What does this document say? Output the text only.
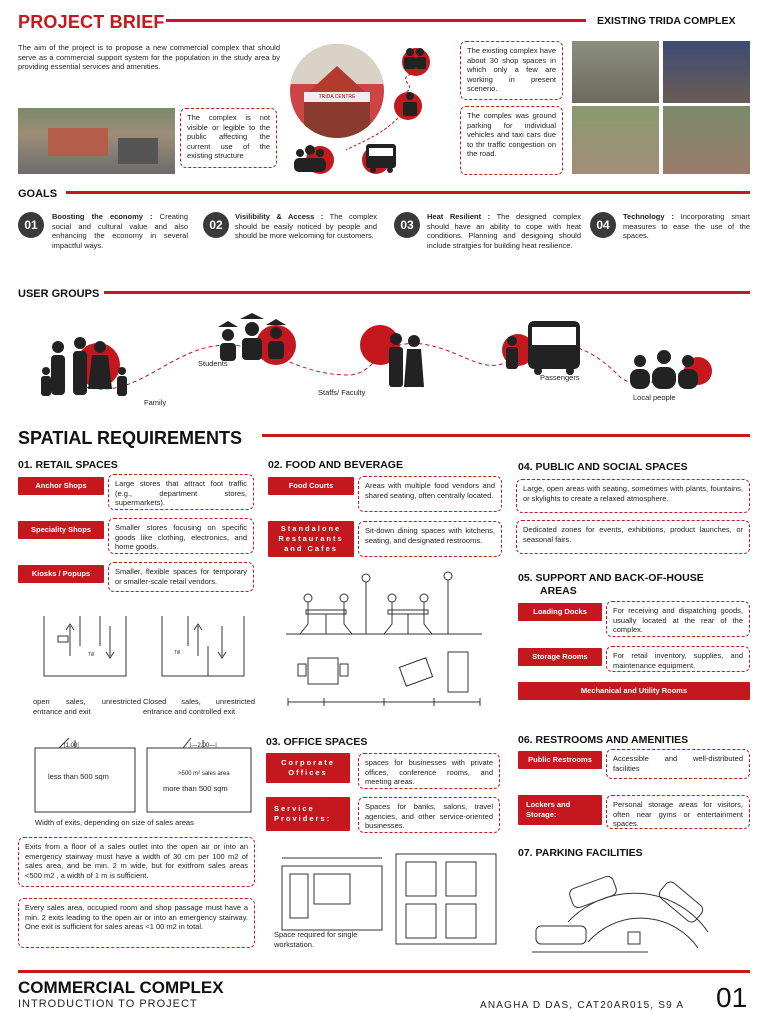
PROJECT BRIEF	EXISTING TRIDA COMPLEX
The aim of the project is to propose a new commercial complex that should serve as a commercial support system for the population in the study area by providing essential services and amenities.
The complex is not visible or legible to the public affecting the current use of the existing structure
TRIDA CENTRE
The existing complex have about 30 shop spaces in which only a few are working in present scenerio.
The comples was ground parking for individual vehicles and taxi cars due to thr traffic congestion on the road.
GOALS
01
Boosting the economy : Creating social and cultural value and also enhancing the economy in several impactful ways.
02
Visilibility & Access : The complex should be easily noticed by people and should be more welcoming for customers.
03
Heat Resilient : The designed complex should have an ability to cope with heat conditions. Planning and designing should include stratgies for building heat resilience.
04
Technology : Incorporating smart measures to ease the use of the spaces.
USER GROUPS
Family
Students
Staffs/ Faculty
Passengers
Local people
SPATIAL REQUIREMENTS
01. RETAIL SPACES
Anchor Shops	Large stores that attract foot traffic (e.g., department stores, supermarkets).
Speciality Shops	Smaller stores focusing on specific goods like clothing, electronics, and home goods.
Kiosks / Popups	Smaller, flexible spaces for temporary or smaller-scale retail vendors.
Till	Till
open sales, unrestricted entrance and exit
Closed sales, unrestricted entrance and controlled exit
|1.00|	|—2.00—|
less than 500 sqm	>500 m² sales area
more than 500 sqm
Width of exits, depending on size of sales areas
Exits from a floor of a sales outlet into the open air or into an emergency stairway must have a width of 30 cm per 100 m2 of sales area, and be min. 2 m wide, but for exitfrom sales areas <500 m2 , a width of 1 m is sufficient.
Every sales area, occupied room and shop passage must have a min. 2 exits leading to the open air or into an emergency stairway. One exit is sufficient for sales areas <1 00 m2 in total.
02. FOOD AND BEVERAGE
Food Courts	Areas with multiple food vendors and shared seating, often centrally located.
Standalone Restaurants and Cafes
Sit-down dining spaces with kitchens, seating, and designated restrooms.
03. OFFICE SPACES
Corporate Offices
spaces for businesses with private offices, conference rooms, and meeting areas.
Service Providers:
Spaces for banks, salons, travel agencies, and other service-oriented businesses.
Space required for single workstation.
04. PUBLIC AND SOCIAL SPACES
Large, open areas with seating, sometimes with plants, fountains, or skylights to create a relaxed atmosphere.
Dedicated zones for events, exhibitions, product launches, or seasonal fairs.
05. SUPPORT AND BACK-OF-HOUSE
AREAS
Loading Docks	For receiving and dispatching goods, usually located at the rear of the complex.
Storage Rooms	For retail inventory, supplies, and maintenance equipment.
Mechanical and Utility Rooms
06. RESTROOMS AND AMENITIES
Public Restrooms	Accessible and well-distributed facilities
Lockers and Storage:
Personal storage areas for visitors, often near gyms or entertainment spaces.
07. PARKING FACILITIES
COMMERCIAL COMPLEX
INTRODUCTION TO PROJECT	ANAGHA D DAS, CAT20AR015, S9 A 01
